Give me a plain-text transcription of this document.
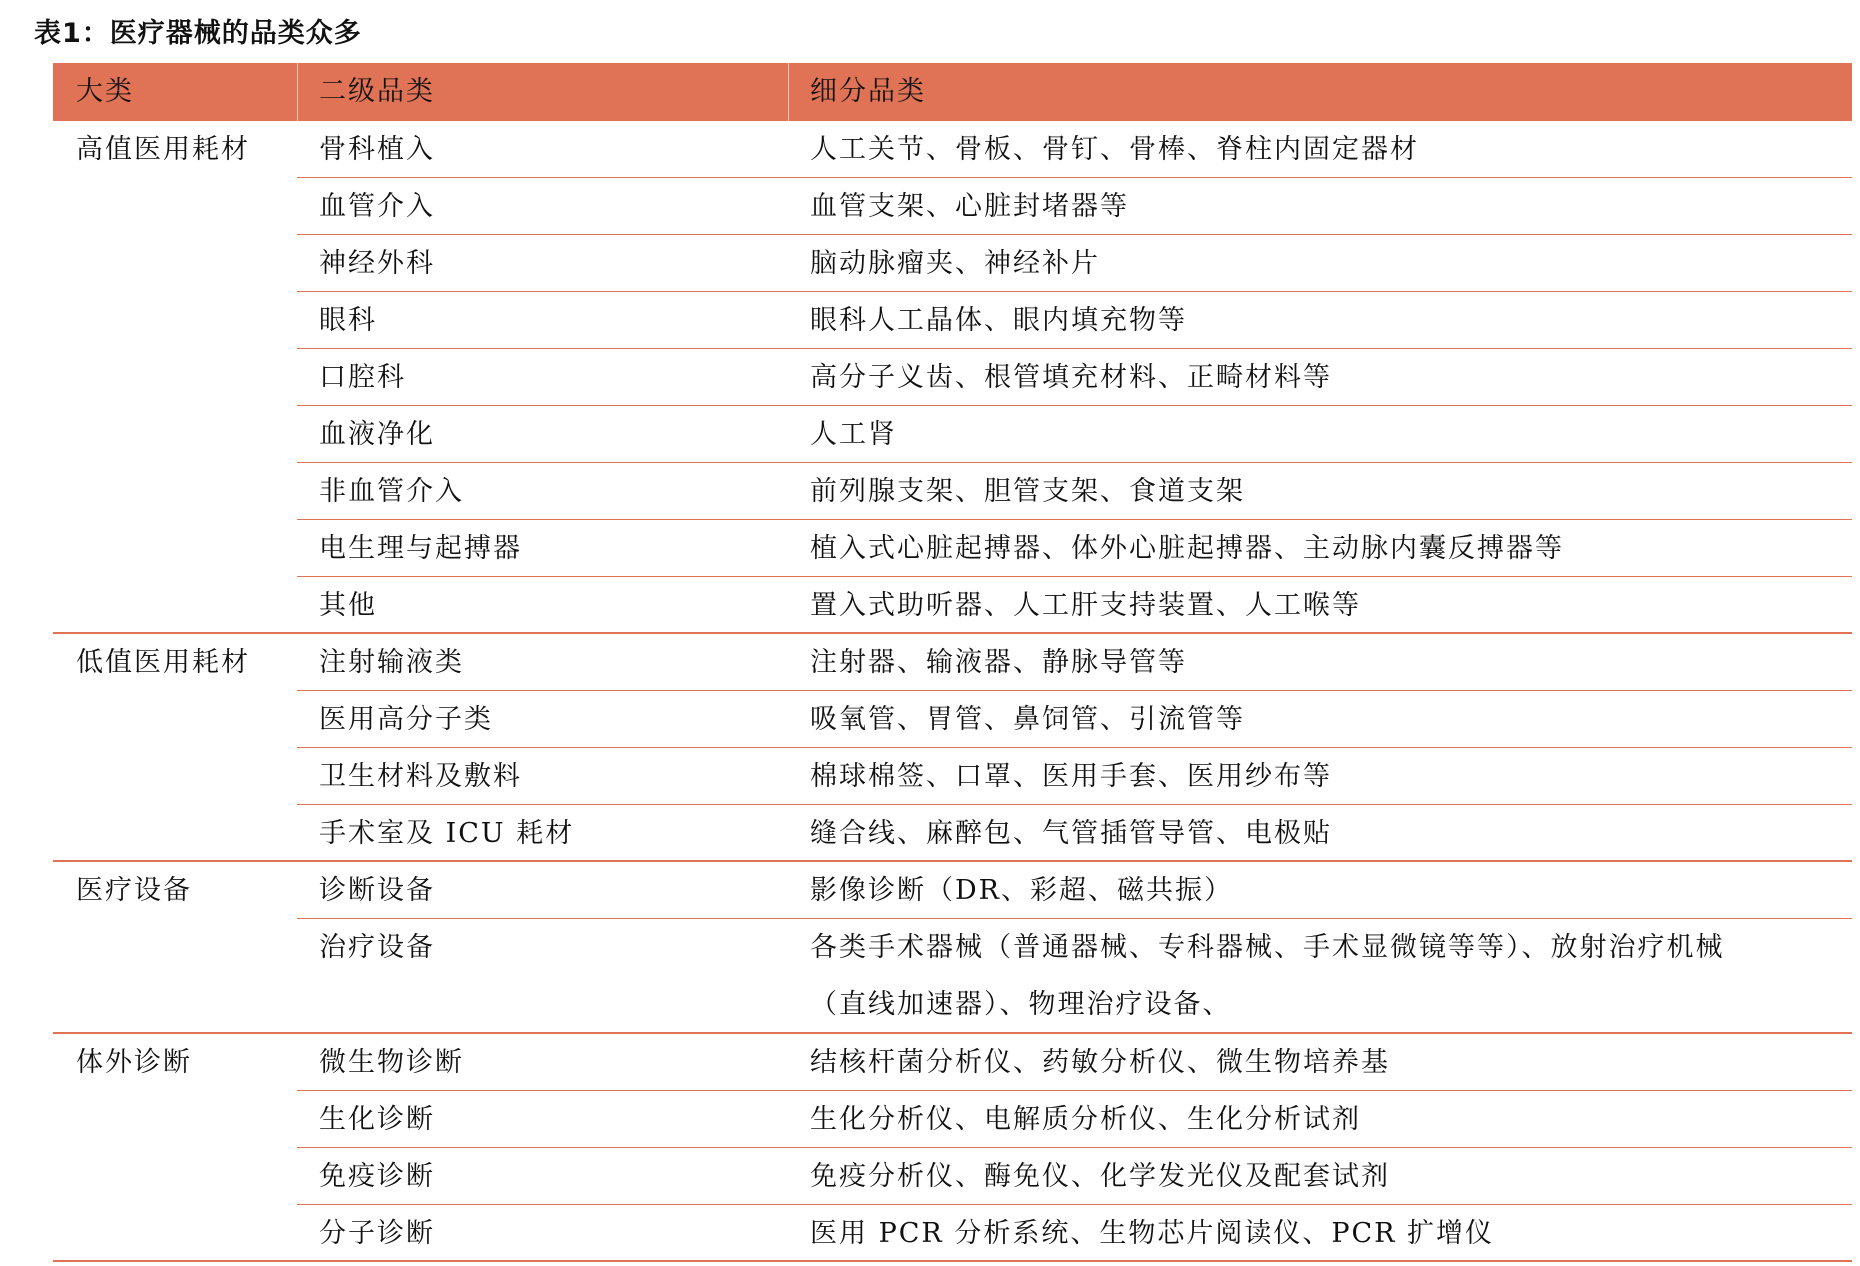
表1：医疗器械的品类众多
大类	二级品类	细分品类
高值医用耗材	骨科植入	人工关节、骨板、骨钉、骨棒、脊柱内固定器材
血管介入	血管支架、心脏封堵器等
神经外科	脑动脉瘤夹、神经补片
眼科	眼科人工晶体、眼内填充物等
口腔科	高分子义齿、根管填充材料、正畸材料等
血液净化	人工肾
非血管介入	前列腺支架、胆管支架、食道支架
电生理与起搏器	植入式心脏起搏器、体外心脏起搏器、主动脉内囊反搏器等
其他	置入式助听器、人工肝支持装置、人工喉等
低值医用耗材	注射输液类	注射器、输液器、静脉导管等
医用高分子类	吸氧管、胃管、鼻饲管、引流管等
卫生材料及敷料	棉球棉签、口罩、医用手套、医用纱布等
手术室及 ICU 耗材	缝合线、麻醉包、气管插管导管、电极贴
医疗设备	诊断设备	影像诊断（DR、彩超、磁共振）
治疗设备	各类手术器械（普通器械、专科器械、手术显微镜等等）、放射治疗机械
（直线加速器）、物理治疗设备、
体外诊断	微生物诊断	结核杆菌分析仪、药敏分析仪、微生物培养基
生化诊断	生化分析仪、电解质分析仪、生化分析试剂
免疫诊断	免疫分析仪、酶免仪、化学发光仪及配套试剂
分子诊断	医用 PCR 分析系统、生物芯片阅读仪、PCR 扩增仪
